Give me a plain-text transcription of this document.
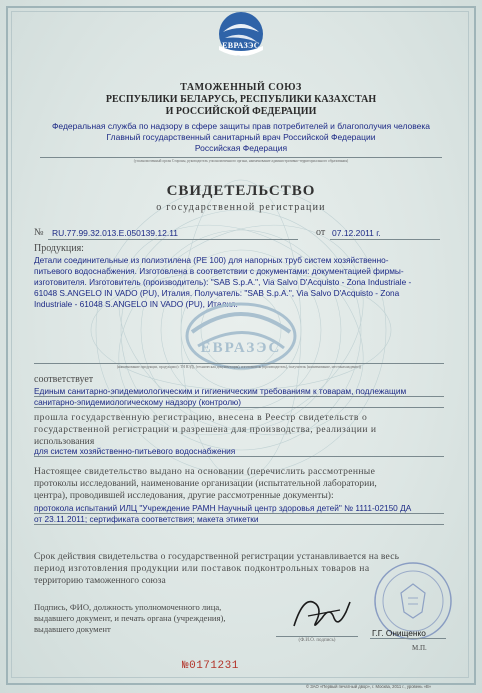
ЕВРАЗЭС
ТАМОЖЕННЫЙ СОЮЗ
РЕСПУБЛИКИ БЕЛАРУСЬ, РЕСПУБЛИКИ КАЗАХСТАН
И РОССИЙСКОЙ ФЕДЕРАЦИИ
Федеральная служба по надзору в сфере защиты прав потребителей и благополучия человека
Главный государственный санитарный врач Российской Федерации
Российская Федерация
(уполномоченный орган Стороны, руководитель уполномоченного органа, наименование административно-территориального образования)
СВИДЕТЕЛЬСТВО
о государственной регистрации
№ RU.77.99.32.013.E.050139.12.11	от 07.12.2011 г.
Продукция:
Детали соединительные из полиэтилена (PE 100) для напорных труб систем хозяйственно-
питьевого водоснабжения. Изготовлена в соответствии с документами: документацией фирмы-
изготовителя. Изготовитель (производитель): "SAB S.p.A.", Via Salvo D'Acquisto - Zona Industriale -
61048 S.ANGELO IN VADO (PU), Италия. Получатель: "SAB S.p.A.", Via Salvo D'Acquisto - Zona
Industriale - 61048 S.ANGELO IN VADO (PU), Италия.
ЕВРАЗЭС
(наименование продукции, продукции (с ТН ВЭД), (техническая документация), изготовитель (производитель), получатель (наименование, местонахождение))
соответствует
Единым санитарно-эпидемиологическим и гигиеническим требованиям к товарам, подлежащим
санитарно-эпидемиологическому надзору (контролю)
прошла государственную регистрацию, внесена в Реестр свидетельств о
государственной регистрации и разрешена для производства, реализации и
использования
для систем хозяйственно-питьевого водоснабжения
Настоящее свидетельство выдано на основании (перечислить рассмотренные
протоколы исследований, наименование организации (испытательной лаборатории,
центра), проводившей исследования, другие рассмотренные документы):
протокола испытаний ИЛЦ "Учреждение РАМН Научный центр здоровья детей" № 1111-02150 ДА
от 23.11.2011; сертификата соответствия; макета этикетки
Срок действия свидетельства о государственной регистрации устанавливается на весь
период изготовления продукции или поставок подконтрольных товаров на
территорию таможенного союза
Подпись, ФИО, должность уполномоченного лица,
выдавшего документ, и печать органа (учреждения),
выдавшего документ
(Ф.И.О. подпись)
Г.Г. Онищенко
М.П.
№0171231
© ЗАО «Первый печатный двор», г. Москва, 2011 г., уровень «В»
